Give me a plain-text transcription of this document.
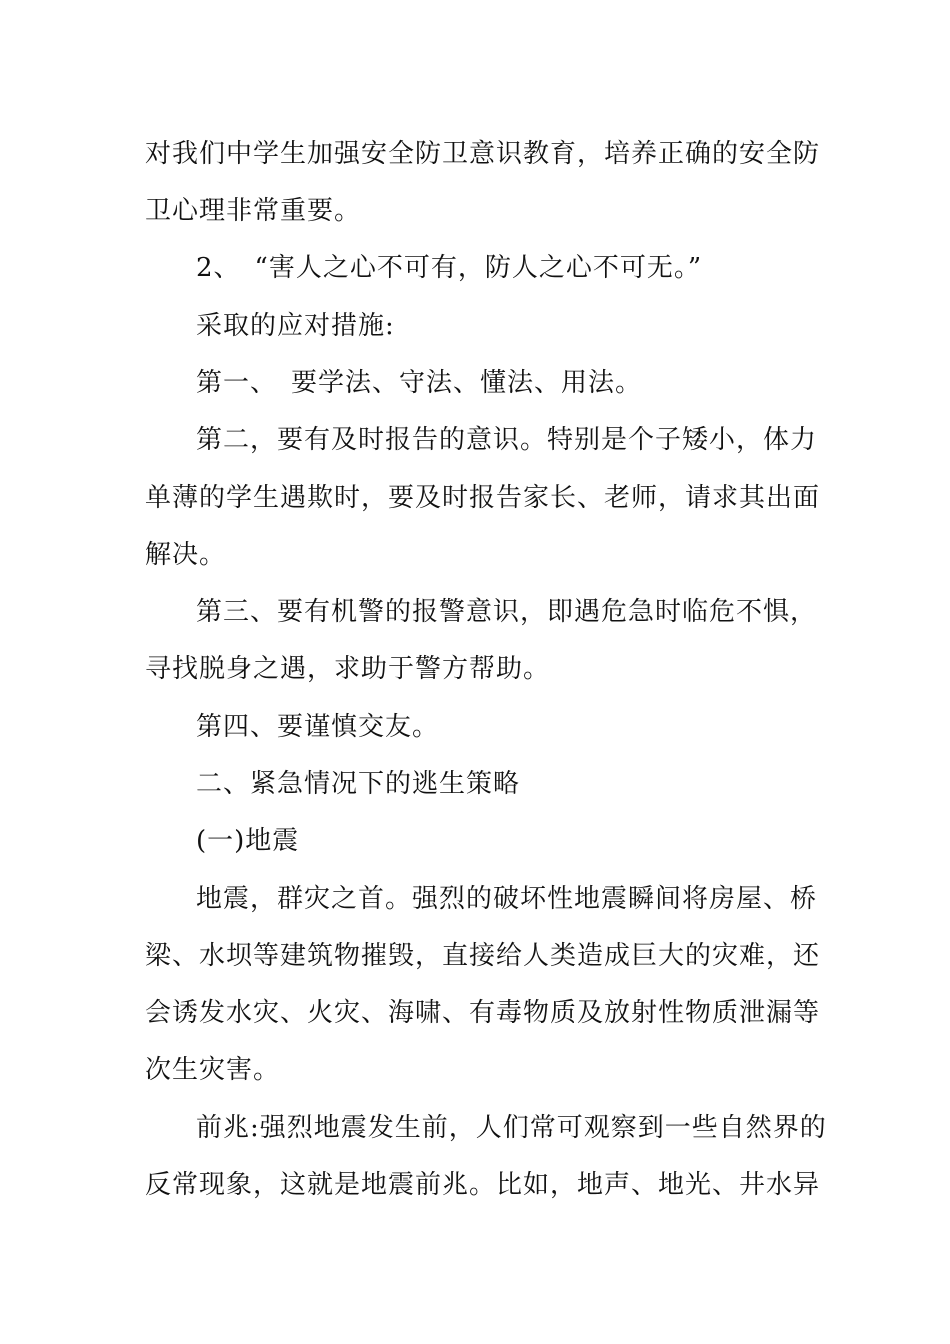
对我们中学生加强安全防卫意识教育，培养正确的安全防
卫心理非常重要。
2、　“害人之心不可有，防人之心不可无。”
采取的应对措施:
第一、　要学法、守法、懂法、用法。
第二，要有及时报告的意识。特别是个子矮小，体力
单薄的学生遇欺时，要及时报告家长、老师，请求其出面
解决。
第三、要有机警的报警意识，即遇危急时临危不惧，
寻找脱身之遇，求助于警方帮助。
第四、要谨慎交友。
二、紧急情况下的逃生策略
(一)地震
地震，群灾之首。强烈的破坏性地震瞬间将房屋、桥
梁、水坝等建筑物摧毁，直接给人类造成巨大的灾难，还
会诱发水灾、火灾、海啸、有毒物质及放射性物质泄漏等
次生灾害。
前兆:强烈地震发生前，人们常可观察到一些自然界的
反常现象，这就是地震前兆。比如，地声、地光、井水异
